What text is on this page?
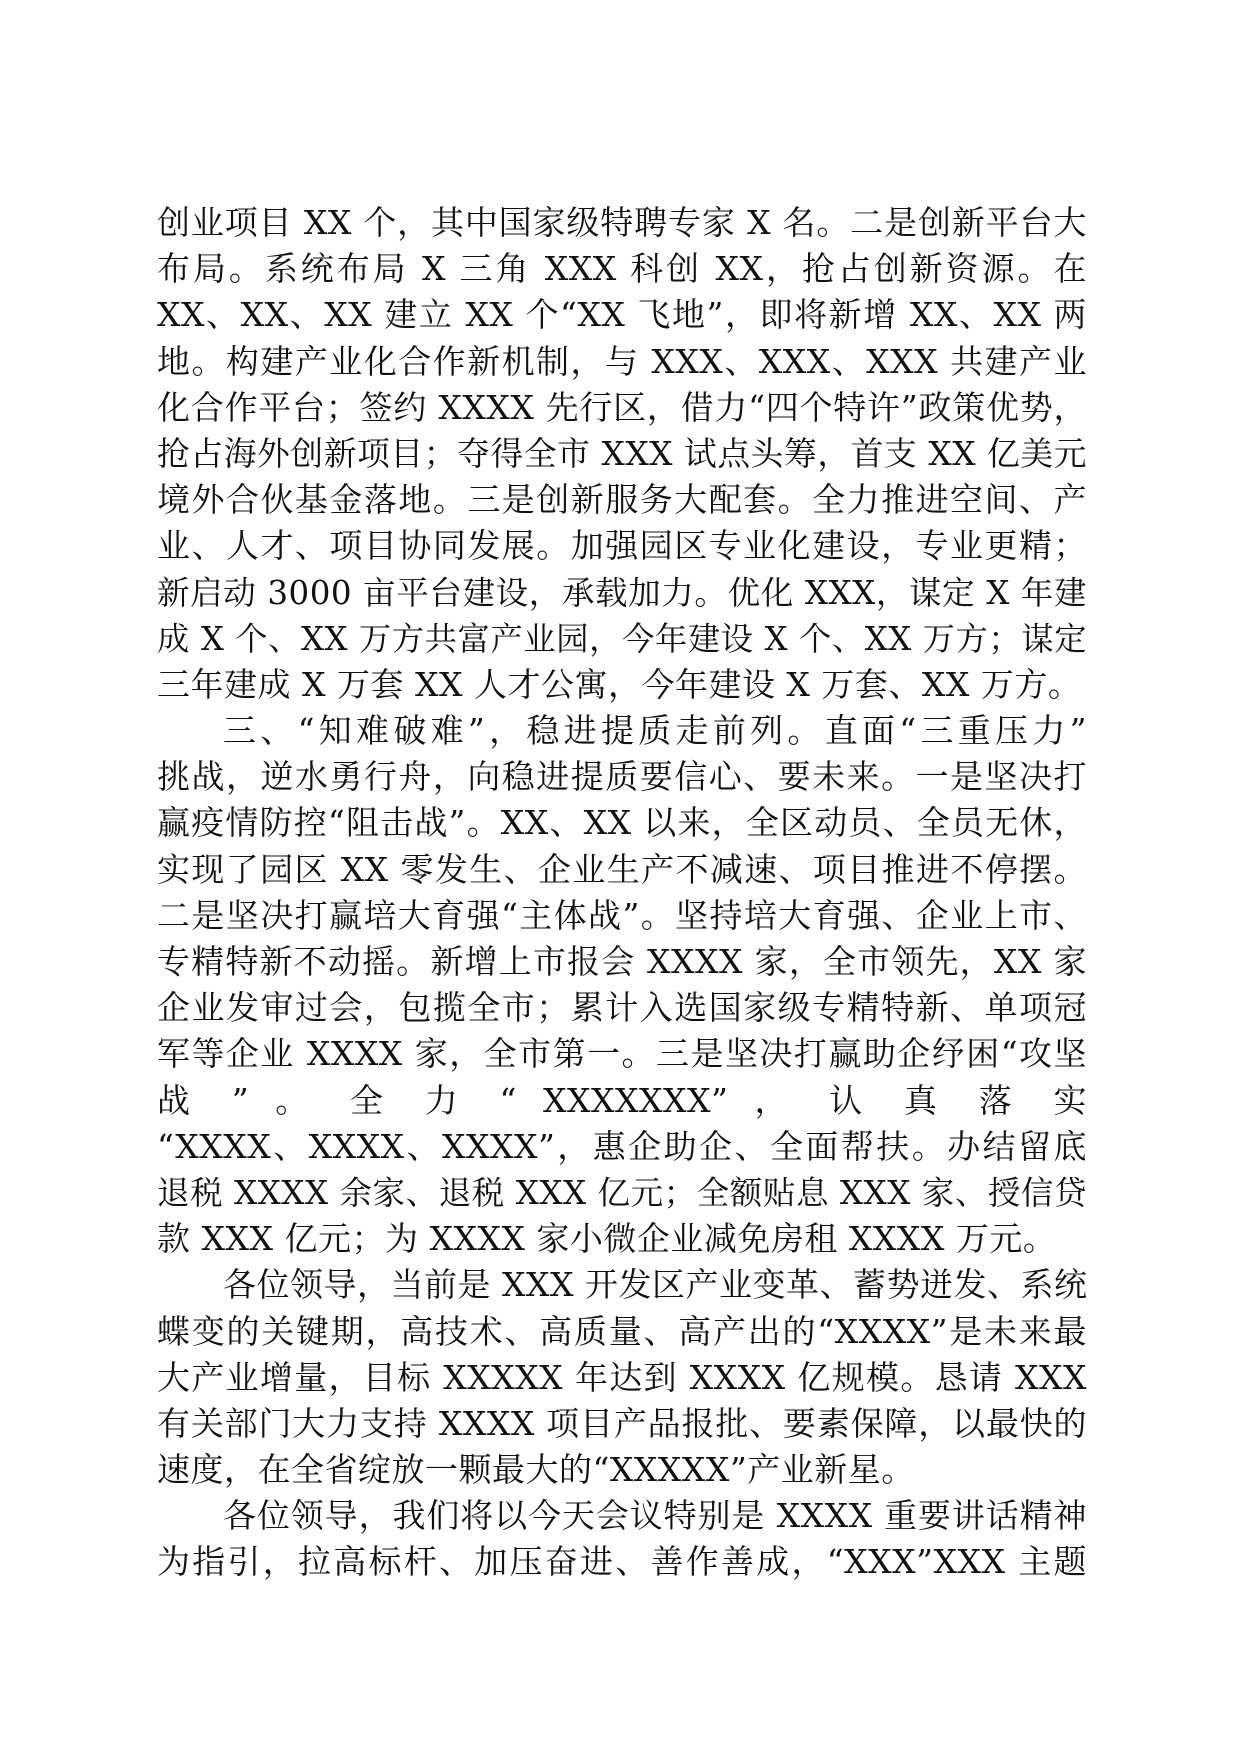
创业项目 XX 个，其中国家级特聘专家 X 名。二是创新平台大
布局。系统布局 X 三角 XXX 科创 XX，抢占创新资源。在
XX、XX、XX 建立 XX 个“XX 飞地”，即将新增 XX、XX 两
地。构建产业化合作新机制，与 XXX、XXX、XXX 共建产业
化合作平台；签约 XXXX 先行区，借力“四个特许”政策优势，
抢占海外创新项目；夺得全市 XXX 试点头筹，首支 XX 亿美元
境外合伙基金落地。三是创新服务大配套。全力推进空间、产
业、人才、项目协同发展。加强园区专业化建设，专业更精；
新启动 3000 亩平台建设，承载加力。优化 XXX，谋定 X 年建
成 X 个、XX 万方共富产业园，今年建设 X 个、XX 万方；谋定
三年建成 X 万套 XX 人才公寓，今年建设 X 万套、XX 万方。
三、“知难破难”，稳进提质走前列。直面“三重压力”
挑战，逆水勇行舟，向稳进提质要信心、要未来。一是坚决打
赢疫情防控“阻击战”。XX、XX 以来，全区动员、全员无休，
实现了园区 XX 零发生、企业生产不减速、项目推进不停摆。
二是坚决打赢培大育强“主体战”。坚持培大育强、企业上市、
专精特新不动摇。新增上市报会 XXXX 家，全市领先，XX 家
企业发审过会，包揽全市；累计入选国家级专精特新、单项冠
军等企业 XXXX 家，全市第一。三是坚决打赢助企纾困“攻坚
战 ” 。 全 力 “ XXXXXXX” ， 认 真 落 实
“XXXX、XXXX、XXXX”，惠企助企、全面帮扶。办结留底
退税 XXXX 余家、退税 XXX 亿元；全额贴息 XXX 家、授信贷
款 XXX 亿元；为 XXXX 家小微企业减免房租 XXXX 万元。
各位领导，当前是 XXX 开发区产业变革、蓄势迸发、系统
蝶变的关键期，高技术、高质量、高产出的“XXXX”是未来最
大产业增量，目标 XXXXX 年达到 XXXX 亿规模。恳请 XXX
有关部门大力支持 XXXX 项目产品报批、要素保障，以最快的
速度，在全省绽放一颗最大的“XXXXX”产业新星。
各位领导，我们将以今天会议特别是 XXXX 重要讲话精神
为指引，拉高标杆、加压奋进、善作善成，“XXX”XXX 主题
